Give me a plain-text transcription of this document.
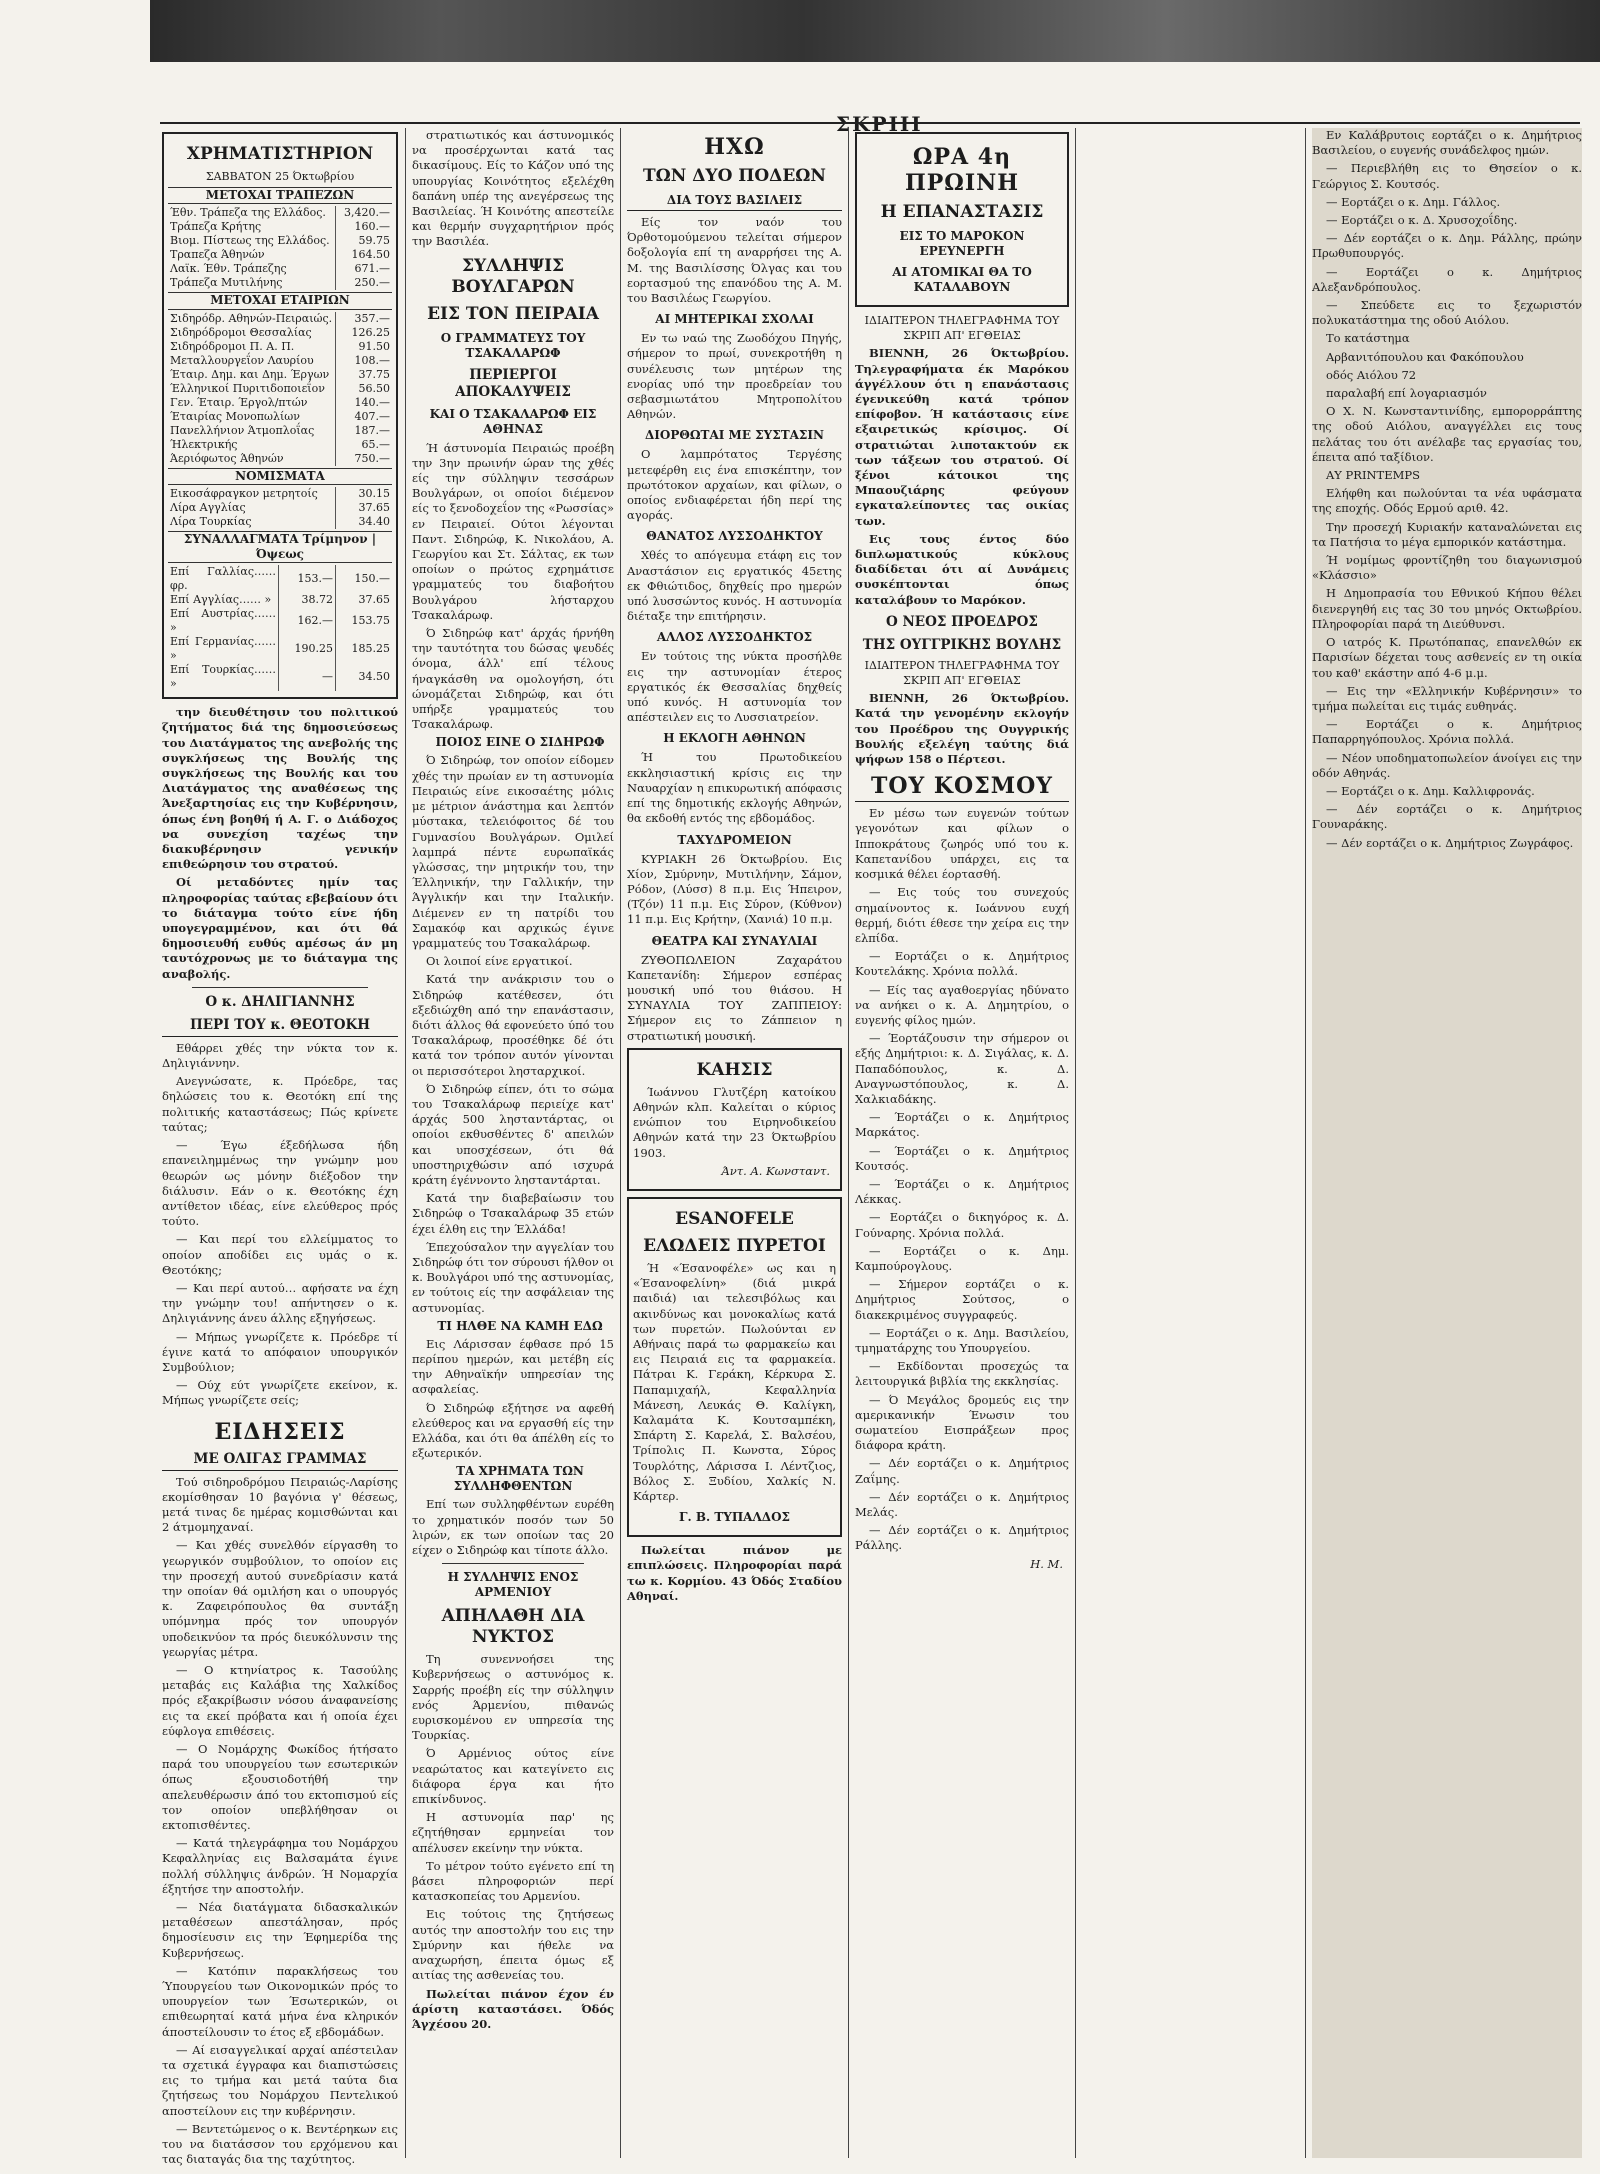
ΣΚΡΙΙΙ
ΧΡΗΜΑΤΙΣΤΗΡΙΟΝ
ΣΑΒΒΑΤΟΝ 25 Όκτωβρίου
ΜΕΤΟΧΑΙ ΤΡΑΠΕΖΩΝ
Έθν. Τράπεζα της Ελλάδος.	3,420.—
Τράπεζα Κρήτης	160.—
Βιομ. Πίστεως της Ελλάδος.	59.75
Τραπεζα Άθηνών	164.50
Λαϊκ. Έθν. Τράπεζης	671.—
Τράπεζα Μυτιλήνης	250.—
ΜΕΤΟΧΑΙ ΕΤΑΙΡΙΩΝ
Σιδηρόδρ. Αθηνών-Πειραιώς.	357.—
Σιδηρόδρομοι Θεσσαλίας	126.25
Σιδηρόδρομοι Π. Α. Π.	91.50
Μεταλλουργεΐον Λαυρίου	108.—
Έταιρ. Δημ. και Δημ. Έργων	37.75
Έλληνικοί Πυριτιδοποιεΐον	56.50
Γεν. Έταιρ. Έργολ/πτών	140.—
Έταιρίας Μονοπωλίων	407.—
Πανελλήνιον Άτμοπλοΐας	187.—
Ήλεκτρικής	65.—
Άεριόφωτος Άθηνών	750.—
ΝΟΜΙΣΜΑΤΑ
Εικοσάφραγκον μετρητοίς	30.15
Λίρα Αγγλίας	37.65
Λίρα Τουρκίας	34.40
ΣΥΝΑΛΛΑΓΜΑΤΑ Τρίμηνον | Όψεως
Επί Γαλλίας…… φρ.	153.—	150.—
Επί Αγγλίας…… »	38.72	37.65
Επί Αυστρίας…… »	162.—	153.75
Επί Γερμανίας…… »	190.25	185.25
Επί Τουρκίας…… »	—	34.50

την διευθέτησιν του πολιτικού ζητήματος διά της δημοσιεύσεως του Διατάγματος της ανεβολής της συγκλήσεως της Βουλής της συγκλήσεως της Βουλής και του Διατάγματος της αναθέσεως της Άνεξαρτησίας εις την Κυβέρνησιν, όπως ένη βοηθή ή Α. Γ. ο Διάδοχος να συνεχίση ταχέως την διακυβέρνησιν γενικήν επιθεώρησιν του στρατού.

Οί μεταδόντες ημίν τας πληροφορίας ταύτας εβεβαίουν ότι το διάταγμα τούτο είνε ήδη υπογεγραμμένον, και ότι θά δημοσιευθή ευθύς αμέσως άν μη ταυτόχρονως με το διάταγμα της αναβολής.

Ο κ. ΔΗΛΙΓΙΑΝΝΗΣ
ΠΕΡΙ ΤΟΥ κ. ΘΕΟΤΟΚΗ

Εθάρρει χθές την νύκτα τον κ. Δηλιγιάννην.

Ανεγνώσατε, κ. Πρόεδρε, τας δηλώσεις του κ. Θεοτόκη επί της πολιτικής καταστάσεως; Πώς κρίνετε ταύτας;

— Έγω έξεδήλωσα ήδη επανειλημμένως την γνώμην μου θεωρών ως μόνην διέξοδον την διάλυσιν. Εάν ο κ. Θεοτόκης έχη αντίθετον ιδέας, είνε ελεύθερος πρός τούτο.

— Και περί του ελλείμματος το οποίον αποδίδει εις υμάς ο κ. Θεοτόκης;

— Και περί αυτού… αφήσατε να έχη την γνώμην του! απήντησεν ο κ. Δηλιγιάννης άνευ άλλης εξηγήσεως.

— Μήπως γνωρίζετε κ. Πρόεδρε τί έγινε κατά το απόφαιον υπουργικόν Συμβούλιον;

— Ούχ εύτ γνωρίζετε εκείνον, κ. Μήπως γνωρίζετε σείς;

ΕΙΔΗΣΕΙΣ
ΜΕ ΟΛΙΓΑΣ ΓΡΑΜΜΑΣ

Τού σιδηροδρόμου Πειραιώς-Λαρίσης εκομίσθησαν 10 βαγόνια γ' θέσεως, μετά τινας δε ημέρας κομισθώνται και 2 άτμομηχαναί.

— Και χθές συνελθόν είργασθη το γεωργικόν συμβούλιον, το οποίον εις την προσεχή αυτού συνεδρίασιν κατά την οποίαν θά ομιλήση και ο υπουργός κ. Ζαφειρόπουλος θα συντάξη υπόμνημα πρός τον υπουργόν υποδεικνύον τα πρός διευκόλυνσιν της γεωργίας μέτρα.

— Ο κτηνίατρος κ. Τασούλης μεταβάς εις Καλάβια της Χαλκίδος πρός εξακρίβωσιν νόσου άναφανείσης εις τα εκεί πρόβατα και ή οποία έχει εύφλογα επιθέσεις.

— Ο Νομάρχης Φωκίδος ήτήσατο παρά του υπουργείου των εσωτερικών όπως εξουσιοδοτήθή την απελευθέρωσιν άπό του εκτοπισμού είς τον οποίον υπεβλήθησαν οι εκτοπισθέντες.

— Κατά τηλεγράφημα του Νομάρχου Κεφαλληνίας εις Βαλσαμάτα έγινε πολλή σύλληψις άνδρών. Ή Νομαρχία έξητήσε την αποστολήν.

— Νέα διατάγματα διδασκαλικών μεταθέσεων απεστάλησαν, πρός δημοσίευσιν εις την Έφημερίδα της Κυβερνήσεως.

— Κατόπιν παρακλήσεως του Ύπουργείου των Οικονομικών πρός το υπουργείον των Έσωτερικών, οι επιθεωρηταί κατά μήνα ένα κληρικόν άποστείλουσιν το έτος εξ εβδομάδων.

— Αί εισαγγελικαί αρχαί απέστειλαν τα σχετικά έγγραφα και διαπιστώσεις εις το τμήμα και μετά ταύτα δια ζητήσεως του Νομάρχου Πεντελικού αποστείλουν εις την κυβέρνησιν.

— Βεντετώμενος ο κ. Βεντέρηκων εις του να διατάσσον του ερχόμενου και τας διαταγάς δια της ταχύτητος.

στρατιωτικός και άστυνομικός να προσέρχωνται κατά τας δικασίμους. Είς το Κάζον υπό της υπουργίας Κοινότητος εξελέχθη δαπάνη υπέρ της ανεγέρσεως της Βασιλείας. Ή Κοινότης απεστείλε και θερμήν συγχαρητήριον πρός την Βασιλέα.

ΣΥΛΛΗΨΙΣ ΒΟΥΛΓΑΡΩΝ
ΕΙΣ ΤΟΝ ΠΕΙΡΑΙΑ
Ο ΓΡΑΜΜΑΤΕΥΣ ΤΟΥ ΤΣΑΚΑΛΑΡΩΦ
ΠΕΡΙΕΡΓΟΙ ΑΠΟΚΑΛΥΨΕΙΣ
ΚΑΙ Ο ΤΣΑΚΑΛΑΡΩΦ ΕΙΣ ΑΘΗΝΑΣ

Ή άστυνομία Πειραιώς προέβη την 3ην πρωινήν ώραν της χθές είς την σύλληψιν τεσσάρων Βουλγάρων, οι οποίοι διέμενον είς το ξενοδοχεΐον της «Ρωσσίας» εν Πειραιεί. Ούτοι λέγονται Παντ. Σιδηρώφ, Κ. Νικολάου, Α. Γεωργίου και Στ. Σάλτας, εκ των οποίων ο πρώτος εχρημάτισε γραμματεύς του διαβοήτου Βουλγάρου λήσταρχου Τσακαλάρωφ.

Ό Σιδηρώφ κατ' άρχάς ήρνήθη την ταυτότητα του δώσας ψευδές όνομα, άλλ' επί τέλους ήναγκάσθη να ομολογήση, ότι ώνομάζεται Σιδηρώφ, και ότι υπήρξε γραμματεύς του Τσακαλάρωφ.

ΠΟΙΟΣ ΕΙΝΕ Ο ΣΙΔΗΡΩΦ

Ό Σιδηρώφ, τον οποίον είδομεν χθές την πρωίαν εν τη αστυνομία Πειραιώς είνε εικοσαέτης μόλις με μέτριον άνάστημα και λεπτόν μύστακα, τελειόφοιτος δέ του Γυμνασίου Βουλγάρων. Ομιλεί λαμπρά πέντε ευρωπαϊκάς γλώσσας, την μητρικήν του, την Έλληνικήν, την Γαλλικήν, την Άγγλικήν και την Ιταλικήν. Διέμενεν εν τη πατρίδι του Σαμακόφ και αρχικώς έγινε γραμματεύς του Τσακαλάρωφ.

Οι λοιποί είνε εργατικοί.

Κατά την ανάκρισιν του ο Σιδηρώφ κατέθεσεν, ότι εξεδιώχθη από την επανάστασιν, διότι άλλος θά εφονεύετο ύπό του Τσακαλάρωφ, προσέθηκε δέ ότι κατά τον τρόπον αυτόν γίνονται οι περισσότεροι λησταρχικοί.

Ό Σιδηρώφ είπεν, ότι το σώμα του Τσακαλάρωφ περιείχε κατ' άρχάς 500 λησταντάρτας, οι οποίοι εκθυσθέντες δ' απειλών και υποσχέσεων, ότι θά υποστηριχθώσιν από ισχυρά κράτη έγέννοντο λησταντάρται.

Κατά την διαβεβαίωσιν του Σιδηρώφ ο Τσακαλάρωφ 35 ετών έχει έλθη εις την Έλλάδα!

Έπεχούσαλον την αγγελίαν του Σιδηρώφ ότι τον σύρουσι ήλθον οι κ. Βουλγάροι υπό της αστυνομίας, εν τούτοις είς την ασφάλειαν της αστυνομίας.

ΤΙ ΗΛΘΕ ΝΑ ΚΑΜΗ ΕΔΩ

Εις Λάρισσαν έφθασε πρό 15 περίπου ημερών, και μετέβη είς την Αθηναϊκήν υπηρεσίαν της ασφαλείας.

Ό Σιδηρώφ εξήτησε να αφεθή ελεύθερος και να εργασθή είς την Ελλάδα, και ότι θα άπέλθη είς το εξωτερικόν.

ΤΑ ΧΡΗΜΑΤΑ ΤΩΝ ΣΥΛΛΗΦΘΕΝΤΩΝ

Επί των συλληφθέντων ευρέθη το χρηματικόν ποσόν των 50 λιρών, εκ των οποίων τας 20 είχεν ο Σιδηρώφ και τίποτε άλλο.

Η ΣΥΛΛΗΨΙΣ ΕΝΟΣ ΑΡΜΕΝΙΟΥ
ΑΠΗΛΑΘΗ ΔΙΑ ΝΥΚΤΟΣ

Τη συνεννοήσει της Κυβερνήσεως ο αστυνόμος κ. Σαρρής προέβη είς την σύλληψιν ενός Άρμενίου, πιθανώς ευρισκομένου εν υπηρεσία της Τουρκίας.

Ό Αρμένιος ούτος είνε νεαρώτατος και κατεγίνετο εις διάφορα έργα και ήτο επικίνδυνος.

Η αστυνομία παρ' ης εζητήθησαν ερμηνείαι τον απέλυσεν εκείνην την νύκτα.

Το μέτρον τούτο εγένετο επί τη βάσει πληροφοριών περί κατασκοπείας του Αρμενίου.

Εις τούτοις της ζητήσεως αυτός την αποστολήν του εις την Σμύρνην και ήθελε να αναχωρήση, έπειτα όμως εξ αιτίας της ασθενείας του.

Πωλείται πιάνον έχον έν άρίστη καταστάσει. Όδός Άγχέσου 20.

ΗΧΩ
ΤΩΝ ΔΥΟ ΠΟΔΕΩΝ
ΔΙΑ ΤΟΥΣ ΒΑΣΙΛΕΙΣ

Είς τον ναόν του Όρθοτομούμενου τελείται σήμερον δοξολογία επί τη αναρρήσει της Α. Μ. της Βασιλίσσης Όλγας και του εορτασμού της επανόδου της Α. Μ. του Βασιλέως Γεωργίου.

ΑΙ ΜΗΤΕΡΙΚΑΙ ΣΧΟΛΑΙ

Εν τω ναώ της Ζωοδόχου Πηγής, σήμερον το πρωί, συνεκροτήθη η συνέλευσις των μητέρων της ενορίας υπό την προεδρείαν του σεβασμιωτάτου Μητροπολίτου Αθηνών.

ΔΙΟΡΘΩΤΑΙ ΜΕ ΣΥΣΤΑΣΙΝ

Ο λαμπρότατος Τεργέσης μετεφέρθη εις ένα επισκέπτην, τον πρωτότοκον αρχαίων, και φίλων, ο οποίος ενδιαφέρεται ήδη περί της αγοράς.

ΘΑΝΑΤΟΣ ΛΥΣΣΟΔΗΚΤΟΥ

Χθές το απόγευμα ετάφη εις τον Αναστάσιον εις εργατικός 45ετης εκ Φθιώτιδος, δηχθείς προ ημερών υπό λυσσώντος κυνός. Η αστυνομία διέταξε την επιτήρησιν.

ΑΛΛΟΣ ΛΥΣΣΟΔΗΚΤΟΣ

Εν τούτοις της νύκτα προσήλθε εις την αστυνομίαν έτερος εργατικός έκ Θεσσαλίας δηχθείς υπό κυνός. Η αστυνομία τον απέστειλεν εις το Λυσσιατρείον.

Η ΕΚΛΟΓΗ ΑΘΗΝΩΝ

Ή του Πρωτοδικείου εκκλησιαστική κρίσις εις την Ναυαρχίαν η επικυρωτική απόφασις επί της δημοτικής εκλογής Αθηνών, θα εκδοθή εντός της εβδομάδος.

ΤΑΧΥΔΡΟΜΕΙΟΝ

ΚΥΡΙΑΚΗ 26 Όκτωβρίου. Εις Χίον, Σμύρνην, Μυτιλήνην, Σάμον, Ρόδον, (Λύσσ) 8 π.μ. Εις Ήπειρον, (Τζόν) 11 π.μ. Εις Σύρον, (Κύθνον) 11 π.μ. Εις Κρήτην, (Χανιά) 10 π.μ.

ΘΕΑΤΡΑ ΚΑΙ ΣΥΝΑΥΛΙΑΙ

ΖΥΘΟΠΩΛΕΙΟΝ Ζαχαράτου Καπετανίδη: Σήμερον εσπέρας μουσική υπό του θιάσου. Η ΣΥΝΑΥΛΙΑ ΤΟΥ ΖΑΠΠΕΙΟΥ: Σήμερον εις το Ζάππειον η στρατιωτική μουσική.

ΚΑΗΣΙΣ

Ίωάννου Γλυτζέρη κατοίκου Αθηνών κλπ. Καλείται ο κύριος ενώπιον του Ειρηνοδικείου Αθηνών κατά την 23 Όκτωβρίου 1903.

Άντ. Α. Κωνσταντ.
ESANOFELE
ΕΛΩΔΕΙΣ ΠΥΡΕΤΟΙ

Ή «Έσανοφέλε» ως και η «Έσανοφελίνη» (διά μικρά παιδιά) ιαι τελεσιβόλως και ακινδύνως και μονοκαλίως κατά των πυρετών. Πωλούνται εν Αθήναις παρά τω φαρμακείω και εις Πειραιά εις τα φαρμακεία. Πάτραι Κ. Γεράκη, Κέρκυρα Σ. Παπαμιχαήλ, Κεφαλληνία Μάνεση, Λευκάς Θ. Καλίγκη, Καλαμάτα Κ. Κουτσαμπέκη, Σπάρτη Σ. Καρελά, Σ. Βαλσέου, Τρίπολις Π. Κωνστα, Σύρος Τουρλότης, Λάρισσα Ι. Λέντζιος, Βόλος Σ. Ξυδίου, Χαλκίς Ν. Κάρτερ.

Γ. Β. ΤΥΠΑΛΔΟΣ

Πωλείται πιάνον με επιπλώσεις. Πληροφορίαι παρά τω κ. Κορμίου. 43 Όδός Σταδίου Αθηναί.

ΩΡΑ 4η ΠΡΩΙΝΗ
Η ΕΠΑΝΑΣΤΑΣΙΣ
ΕΙΣ ΤΟ ΜΑΡΟΚΟΝ ΕΡΕΥΝΕΡΓΗ
ΑΙ ΑΤΟΜΙΚΑΙ ΘΑ ΤΟ ΚΑΤΑΛΑΒΟΥΝ
ΙΔΙΑΙΤΕΡΟΝ ΤΗΛΕΓΡΑΦΗΜΑ ΤΟΥ ΣΚΡΙΠ ΑΠ' ΕΓΘΕΙΑΣ

ΒΙΕΝΝΗ, 26 Όκτωβρίου. Τηλεγραφήματα έκ Μαρόκου άγγέλλουν ότι η επανάστασις έγενικεύθη κατά τρόπον επίφοβον. Ή κατάστασις είνε εξαιρετικώς κρίσιμος. Οί στρατιώται λιποτακτούν εκ των τάξεων του στρατού. Οί ξένοι κάτοικοι της Μπαουζιάρης φεύγουν εγκαταλείποντες τας οικίας των.

Εις τους έντος δύο διπλωματικούς κύκλους διαδίδεται ότι αί Δυνάμεις συσκέπτονται όπως καταλάβουν το Μαρόκον.

Ο ΝΕΟΣ ΠΡΟΕΔΡΟΣ
ΤΗΣ ΟΥΓΓΡΙΚΗΣ ΒΟΥΛΗΣ
ΙΔΙΑΙΤΕΡΟΝ ΤΗΛΕΓΡΑΦΗΜΑ ΤΟΥ ΣΚΡΙΠ ΑΠ' ΕΓΘΕΙΑΣ

ΒΙΕΝΝΗ, 26 Όκτωβρίου. Κατά την γενομένην εκλογήν του Προέδρου της Ουγγρικής Βουλής εξελέγη ταύτης διά ψήφων 158 ο Πέρτεσι.

ΤΟΥ ΚΟΣΜΟΥ

Εν μέσω των ευγενών τούτων γεγονότων και φίλων ο Ιπποκράτους ζωηρός υπό του κ. Καπετανίδου υπάρχει, εις τα κοσμικά θέλει έορτασθή.

— Εις τούς του συνεχούς σημαίνοντος κ. Ιωάννου ευχή θερμή, διότι έθεσε την χείρα εις την ελπίδα.

— Εορτάζει ο κ. Δημήτριος Κουτελάκης. Χρόνια πολλά.

— Είς τας αγαθοεργίας ηδύνατο να ανήκει ο κ. Α. Δημητρίου, ο ευγενής φίλος ημών.

— Έορτάζουσιν την σήμερον οι εξής Δημήτριοι: κ. Δ. Σιγάλας, κ. Δ. Παπαδόπουλος, κ. Δ. Αναγνωστόπουλος, κ. Δ. Χαλκιαδάκης.

— Έορτάζει ο κ. Δημήτριος Μαρκάτος.

— Έορτάζει ο κ. Δημήτριος Κουτσός.

— Έορτάζει ο κ. Δημήτριος Λέκκας.

— Εορτάζει ο δικηγόρος κ. Δ. Γούναρης. Χρόνια πολλά.

— Εορτάζει ο κ. Δημ. Καμπούρογλους.

— Σήμερον εορτάζει ο κ. Δημήτριος Σούτσος, ο διακεκριμένος συγγραφεύς.

— Εορτάζει ο κ. Δημ. Βασιλείου, τμηματάρχης του Υπουργείου.

— Εκδίδονται προσεχώς τα λειτουργικά βιβλία της εκκλησίας.

— Ό Μεγάλος δρομεύς εις την αμερικανικήν Ένωσιν του σωματείου Εισπράξεων προς διάφορα κράτη.

— Δέν εορτάζει ο κ. Δημήτριος Ζαΐμης.

— Δέν εορτάζει ο κ. Δημήτριος Μελάς.

— Δέν εορτάζει ο κ. Δημήτριος Ράλλης.

Η. Μ.

Εν Καλάβρυτοις εορτάζει ο κ. Δημήτριος Βασιλείου, ο ευγενής συνάδελφος ημών.

— Περιεβλήθη εις το Θησείον ο κ. Γεώργιος Σ. Κουτσός.

— Εορτάζει ο κ. Δημ. Γάλλος.

— Εορτάζει ο κ. Δ. Χρυσοχοΐδης.

— Δέν εορτάζει ο κ. Δημ. Ράλλης, πρώην Πρωθυπουργός.

— Εορτάζει ο κ. Δημήτριος Αλεξανδρόπουλος.

— Σπεύδετε εις το ξεχωριστόν πολυκατάστημα της οδού Αιόλου.

Το κατάστημα

Αρβανιτόπουλου και Φακόπουλου

οδός Αιόλου 72

παραλαβή επί λογαριασμόν

Ο Χ. Ν. Κωνσταντινίδης, εμπορορράπτης της οδού Αιόλου, αναγγέλλει εις τους πελάτας του ότι ανέλαβε τας εργασίας του, έπειτα από ταξίδιον.

ΑΥ PRINTEMPS

Ελήφθη και πωλούνται τα νέα υφάσματα της εποχής. Οδός Ερμού αριθ. 42.

Την προσεχή Κυριακήν καταναλώνεται εις τα Πατήσια το μέγα εμπορικόν κατάστημα.

Ή νομίμως φροντίζηθη του διαγωνισμού «Κλάσσιο»

Η Δημοπρασία του Εθνικού Κήπου θέλει διενεργηθή εις τας 30 του μηνός Οκτωβρίου. Πληροφορίαι παρά τη Διεύθυνσι.

Ο ιατρός Κ. Πρωτόπαπας, επανελθών εκ Παρισίων δέχεται τους ασθενείς εν τη οικία του καθ' εκάστην από 4-6 μ.μ.

— Εις την «Ελληνικήν Κυβέρνησιν» το τμήμα πωλείται εις τιμάς ευθηνάς.

— Εορτάζει ο κ. Δημήτριος Παπαρρηγόπουλος. Χρόνια πολλά.

— Νέον υποδηματοπωλείον άνοίγει εις την οδόν Αθηνάς.

— Εορτάζει ο κ. Δημ. Καλλιφρονάς.

— Δέν εορτάζει ο κ. Δημήτριος Γουναράκης.

— Δέν εορτάζει ο κ. Δημήτριος Ζωγράφος.
